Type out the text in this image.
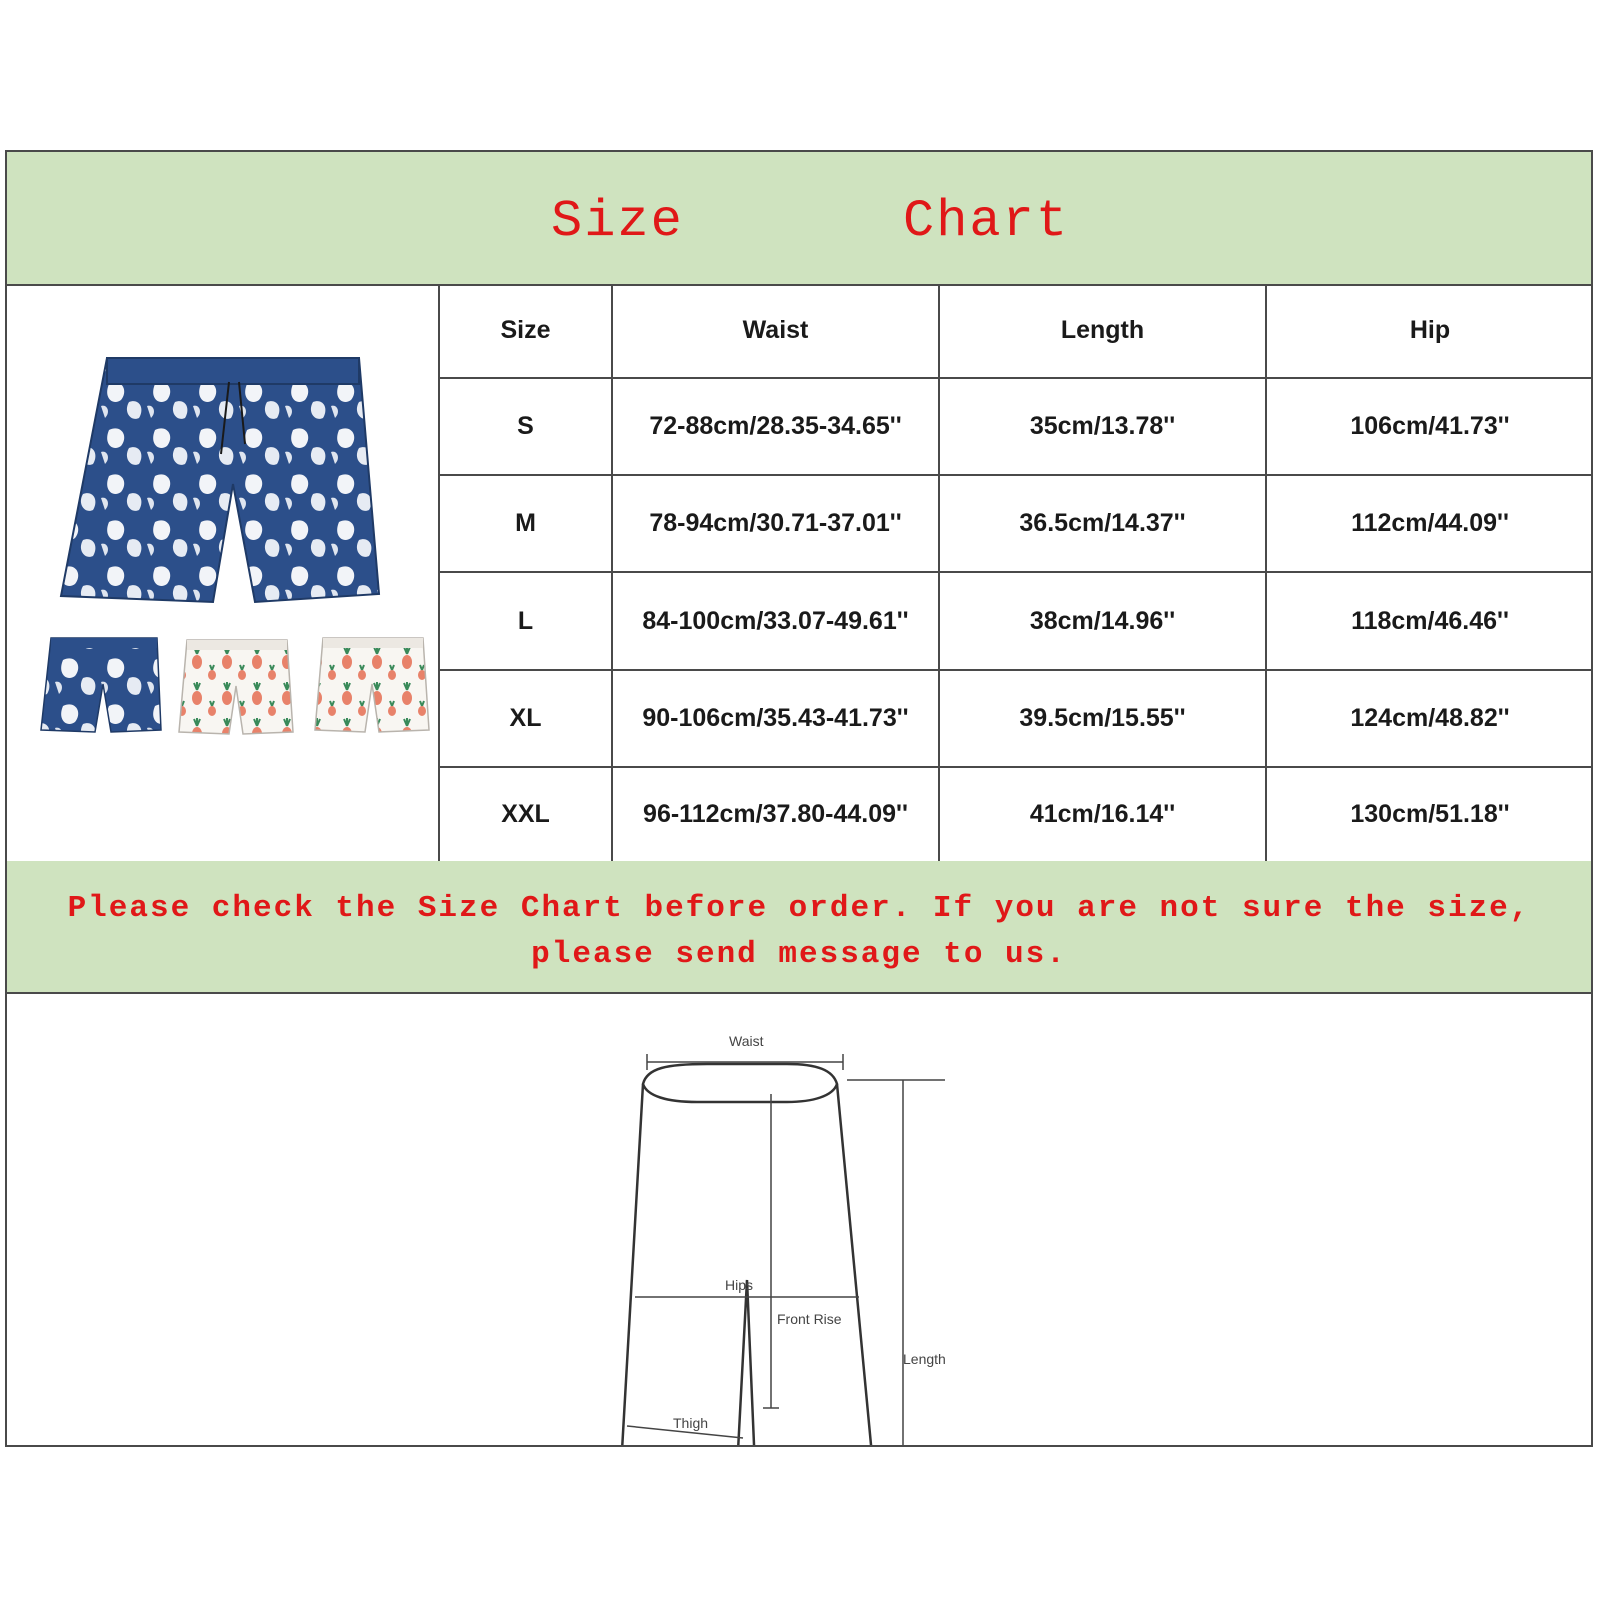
Size	Chart
Size	Waist	Length	Hip
S	72-88cm/28.35-34.65''	35cm/13.78''	106cm/41.73''
M	78-94cm/30.71-37.01''	36.5cm/14.37''	112cm/44.09''
L	84-100cm/33.07-49.61''	38cm/14.96''	118cm/46.46''
XL	90-106cm/35.43-41.73''	39.5cm/15.55''	124cm/48.82''
XXL	96-112cm/37.80-44.09''	41cm/16.14''	130cm/51.18''
Please check the Size Chart before order. If you are not sure the size,
please send message to us.
Waist
Hips
Front Rise
Length
Thigh
